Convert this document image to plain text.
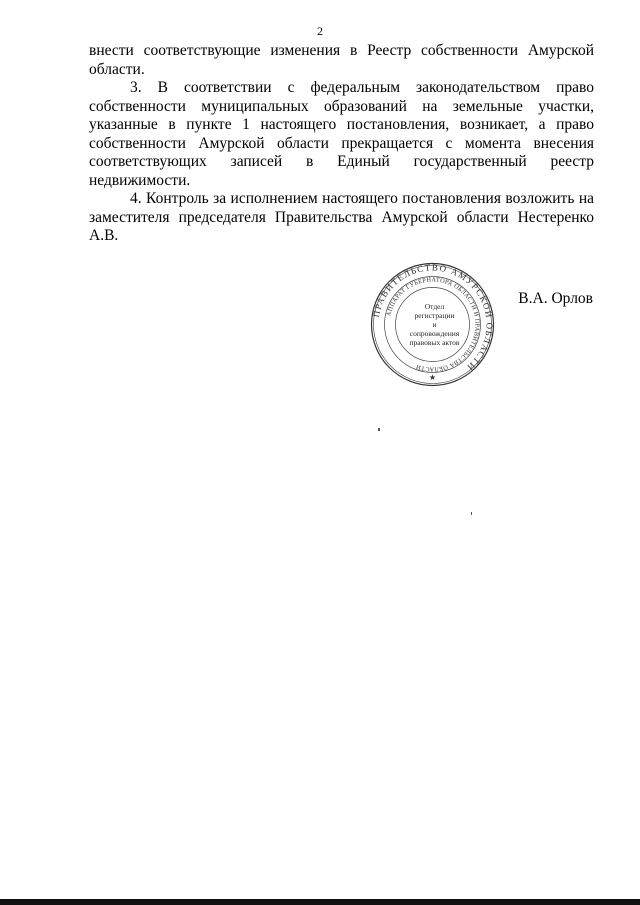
2

внести соответствующие изменения в Реестр собственности Амурской области.

3. В соответствии с федеральным законодательством право собственности муниципальных образований на земельные участки, указанные в пункте 1 настоящего постановления, возникает, а право собственности Амурской области прекращается с момента внесения соответствующих записей в Единый государственный реестр недвижимости.

4. Контроль за исполнением настоящего постановления возложить на заместителя председателя Правительства Амурской области Нестеренко А.В.

ПРАВИТЕЛЬСТВО АМУРСКОЙ ОБЛАСТИ
АППАРАТ ГУБЕРНАТОРА ОБЛАСТИ И ПРАВИТЕЛЬСТВА ОБЛАСТИ
★
Отдел
регистрации
и сопровождения
правовых актов
В.А. Орлов
